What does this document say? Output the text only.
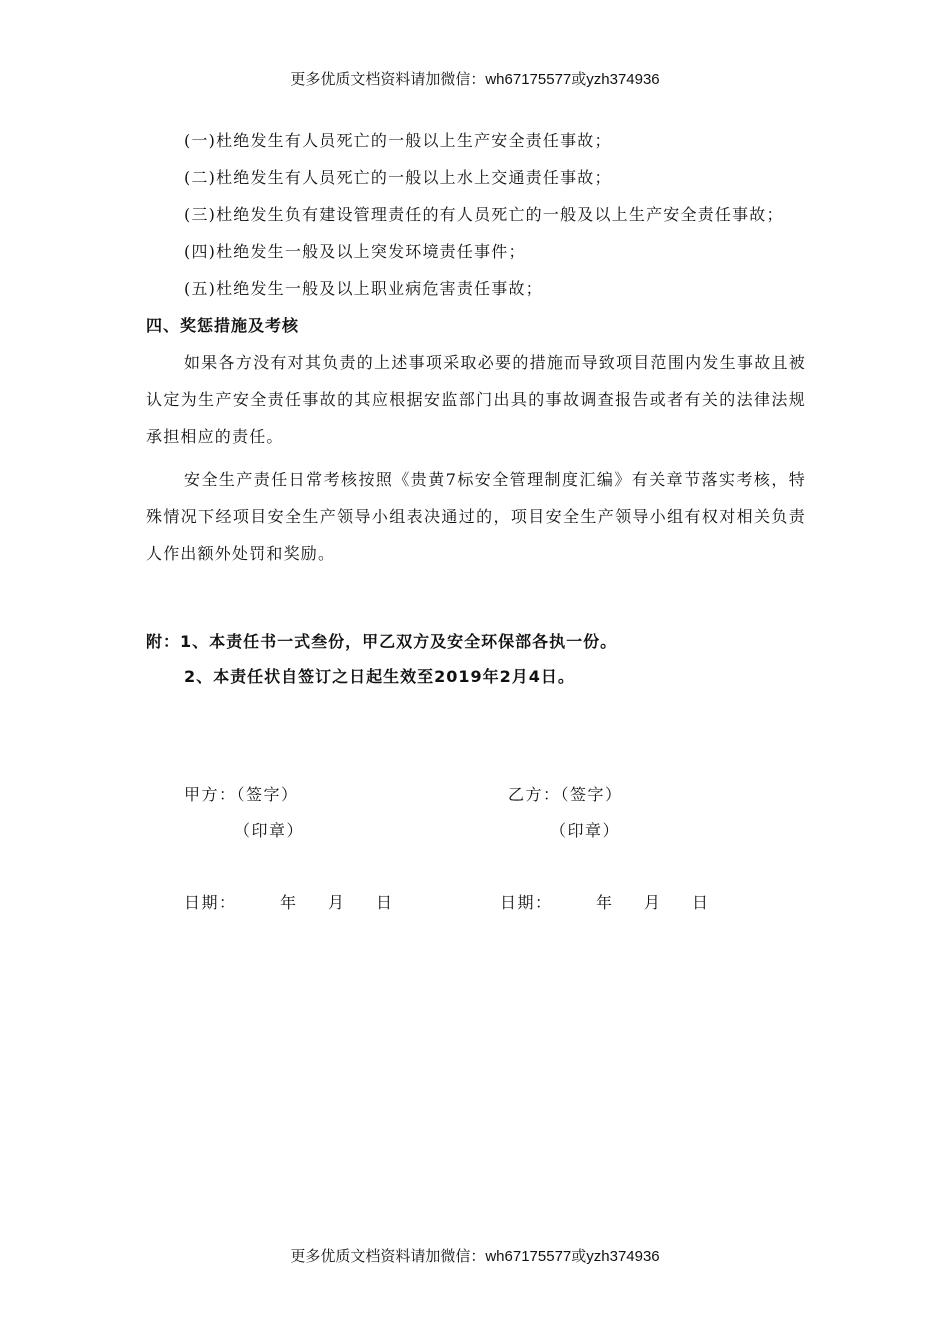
更多优质文档资料请加微信：wh67175577或yzh374936

(一)杜绝发生有人员死亡的一般以上生产安全责任事故；

(二)杜绝发生有人员死亡的一般以上水上交通责任事故；

(三)杜绝发生负有建设管理责任的有人员死亡的一般及以上生产安全责任事故；

(四)杜绝发生一般及以上突发环境责任事件；

(五)杜绝发生一般及以上职业病危害责任事故；

四、奖惩措施及考核

如果各方没有对其负责的上述事项采取必要的措施而导致项目范围内发生事故且被认定为生产安全责任事故的其应根据安监部门出具的事故调查报告或者有关的法律法规承担相应的责任。

安全生产责任日常考核按照《贵黄7标安全管理制度汇编》有关章节落实考核，特殊情况下经项目安全生产领导小组表决通过的，项目安全生产领导小组有权对相关负责人作出额外处罚和奖励。

附：1、本责任书一式叁份，甲乙双方及安全环保部各执一份。

2、本责任状自签订之日起生效至2019年2月4日。

甲方：（签字）
（印章）
乙方：（签字）
（印章）
日期：	年 月 日	日期：	年 月 日
更多优质文档资料请加微信：wh67175577或yzh374936
